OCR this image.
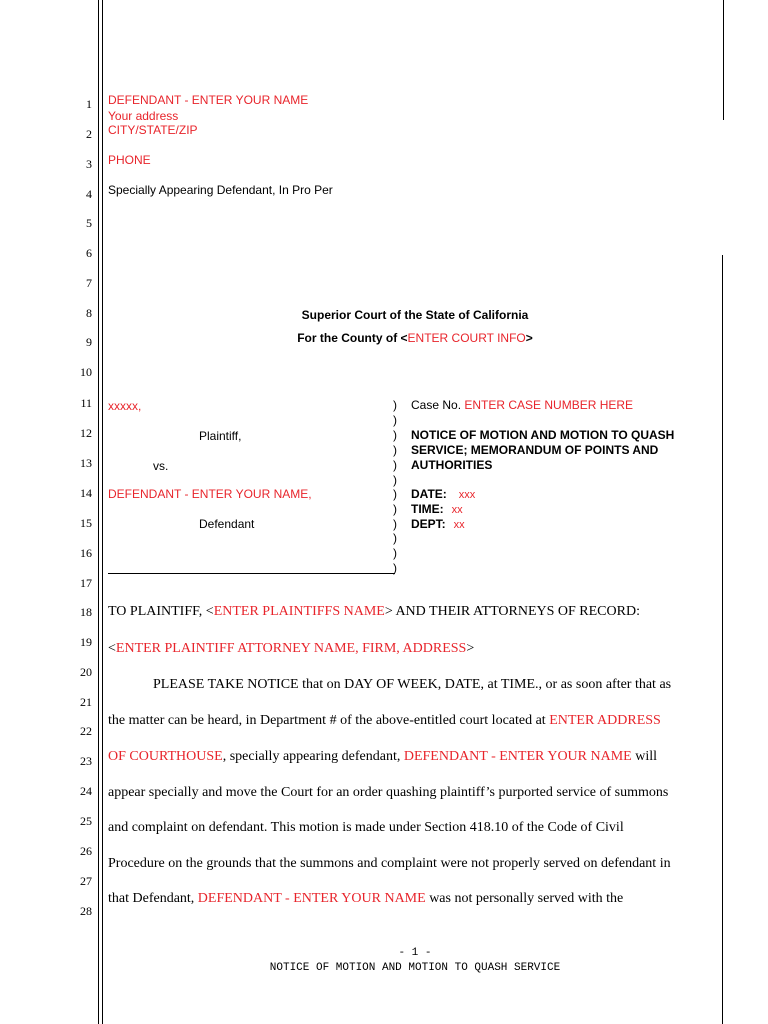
1
2
3
4
5
6
7
8
9
10
11
12
13
14
15
16
17
18
19
20
21
22
23
24
25
26
27
28
DEFENDANT - ENTER YOUR NAME
Your address
CITY/STATE/ZIP
PHONE
Specially Appearing Defendant, In Pro Per
Superior Court of the State of California
For the County of <ENTER COURT INFO>
xxxxx,
Plaintiff,
vs.
DEFENDANT - ENTER YOUR NAME,
Defendant
)
)
)
)
)
)
)
)
)
)
)
)
Case No. ENTER CASE NUMBER HERE
NOTICE OF MOTION AND MOTION TO QUASH
SERVICE; MEMORANDUM OF POINTS AND
AUTHORITIES
DATE: xxx
TIME: xx
DEPT: xx
TO PLAINTIFF, <ENTER PLAINTIFFS NAME> AND THEIR ATTORNEYS OF RECORD:
<ENTER PLAINTIFF ATTORNEY NAME, FIRM, ADDRESS>
PLEASE TAKE NOTICE that on DAY OF WEEK, DATE, at TIME., or as soon after that as
the matter can be heard, in Department # of the above-entitled court located at ENTER ADDRESS
OF COURTHOUSE, specially appearing defendant, DEFENDANT - ENTER YOUR NAME will
appear specially and move the Court for an order quashing plaintiff’s purported service of summons
and complaint on defendant. This motion is made under Section 418.10 of the Code of Civil
Procedure on the grounds that the summons and complaint were not properly served on defendant in
that Defendant, DEFENDANT - ENTER YOUR NAME was not personally served with the
- 1 -
NOTICE OF MOTION AND MOTION TO QUASH SERVICE
